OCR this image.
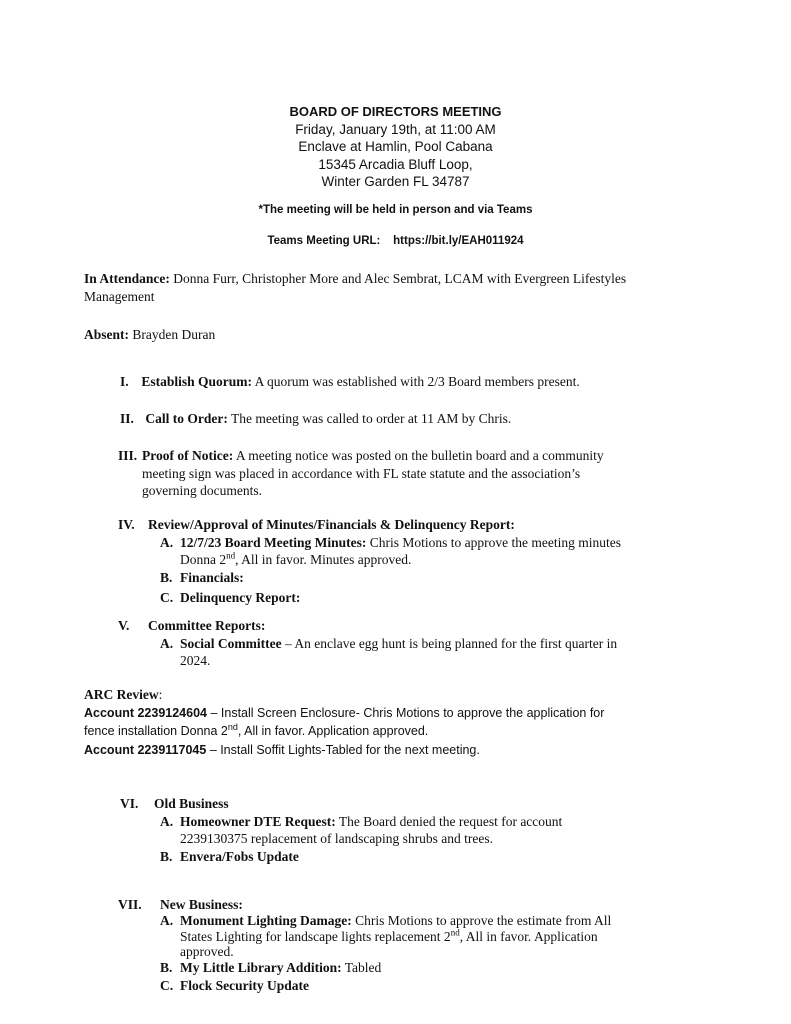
BOARD OF DIRECTORS MEETING
Friday, January 19th, at 11:00 AM
Enclave at Hamlin, Pool Cabana
15345 Arcadia Bluff Loop,
Winter Garden FL 34787
*The meeting will be held in person and via Teams
Teams Meeting URL: https://bit.ly/EAH011924
In Attendance: Donna Furr, Christopher More and Alec Sembrat, LCAM with Evergreen Lifestyles
Management
Absent: Brayden Duran
I. Establish Quorum: A quorum was established with 2/3 Board members present.
II. Call to Order: The meeting was called to order at 11 AM by Chris.
III. Proof of Notice: A meeting notice was posted on the bulletin board and a community
meeting sign was placed in accordance with FL state statute and the association’s
governing documents.
IV. Review/Approval of Minutes/Financials & Delinquency Report:
A. 12/7/23 Board Meeting Minutes: Chris Motions to approve the meeting minutes
Donna 2nd, All in favor. Minutes approved.
B. Financials:
C. Delinquency Report:
V. Committee Reports:
A. Social Committee – An enclave egg hunt is being planned for the first quarter in
2024.
ARC Review:
Account 2239124604 – Install Screen Enclosure- Chris Motions to approve the application for
fence installation Donna 2nd, All in favor. Application approved.
Account 2239117045 – Install Soffit Lights-Tabled for the next meeting.
VI. Old Business
A. Homeowner DTE Request: The Board denied the request for account
2239130375 replacement of landscaping shrubs and trees.
B. Envera/Fobs Update
VII. New Business:
A. Monument Lighting Damage: Chris Motions to approve the estimate from All
States Lighting for landscape lights replacement 2nd, All in favor. Application
approved.
B. My Little Library Addition: Tabled
C. Flock Security Update
